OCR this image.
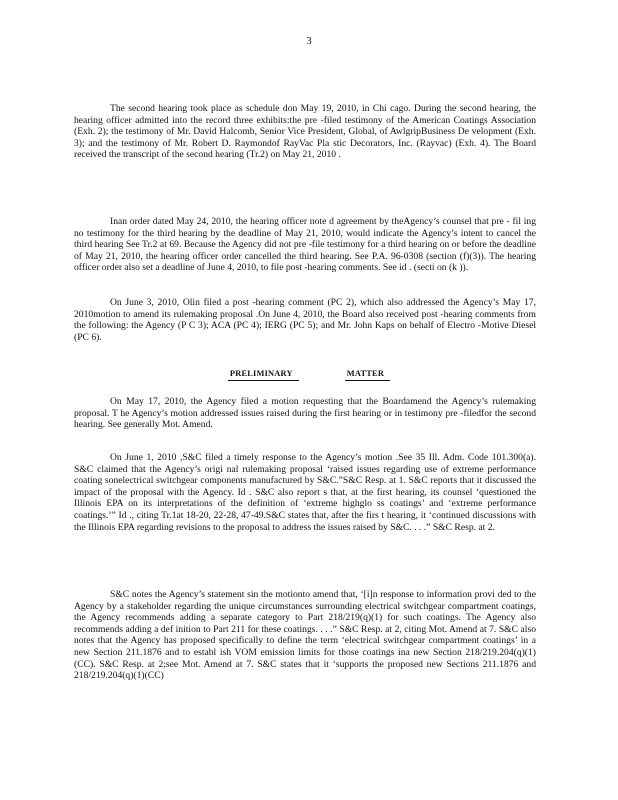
3

The second hearing took place as schedule don May 19, 2010, in Chi cago. During the second hearing, the hearing officer admitted into the record three exhibits:the pre -filed testimony of the American Coatings Association (Exh. 2); the testimony of Mr. David Halcomb, Senior Vice President, Global, of AwlgripBusiness De velopment (Exh. 3); and the testimony of Mr. Robert D. Raymondof RayVac Pla stic Decorators, Inc. (Rayvac) (Exh. 4). The Board received the transcript of the second hearing (Tr.2) on May 21, 2010 .

Inan order dated May 24, 2010, the hearing officer note d agreement by theAgency’s counsel that pre - fil ing no testimony for the third hearing by the deadline of May 21, 2010, would indicate the Agency’s intent to cancel the third hearing See Tr.2 at 69. Because the Agency did not pre -file testimony for a third hearing on or before the deadline of May 21, 2010, the hearing officer order cancelled the third hearing. See P.A. 96-0308 (section (f)(3)). The hearing officer order also set a deadline of June 4, 2010, to file post -hearing comments. See id . (secti on (k )).

On June 3, 2010, Olin filed a post -hearing comment (PC 2), which also addressed the Agency’s May 17, 2010motion to amend its rulemaking proposal .On June 4, 2010, the Board also received post -hearing comments from the following: the Agency (P C 3); ACA (PC 4); IERG (PC 5); and Mr. John Kaps on behalf of Electro -Motive Diesel (PC 6).

PRELIMINARY	MATTER

On May 17, 2010, the Agency filed a motion requesting that the Boardamend the Agency’s rulemaking proposal. T he Agency’s motion addressed issues raised during the first hearing or in testimony pre -filedfor the second hearing. See generally Mot. Amend.

On June 1, 2010 ,S&C filed a timely response to the Agency’s motion .See 35 Ill. Adm. Code 101.300(a). S&C claimed that the Agency’s origi nal rulemaking proposal ‘raised issues regarding use of extreme performance coating sonelectrical switchgear components manufactured by S&C.”S&C Resp. at 1. S&C reports that it discussed the impact of the proposal with the Agency. Id . S&C also report s that, at the first hearing, its counsel ‘questioned the Illinois EPA on its interpretations of the definition of ‘extreme highglo ss coatings’ and ‘extreme performance coatings.’” Id ., citing Tr.1at 18-20, 22-28, 47-49.S&C states that, after the firs t hearing, it ‘continued discussions with the Illinois EPA regarding revisions to the proposal to address the issues raised by S&C. . . .” S&C Resp. at 2.

S&C notes the Agency’s statement sin the motionto amend that, ‘[i]n response to information provi ded to the Agency by a stakeholder regarding the unique circumstances surrounding electrical switchgear compartment coatings, the Agency recommends adding a separate category to Part 218/219(q)(1) for such coatings. The Agency also recommends adding a def inition to Part 211 for these coatings. . . .” S&C Resp. at 2, citing Mot. Amend at 7. S&C also notes that the Agency has proposed specifically to define the term ‘electrical switchgear compartment coatings’ in a new Section 211.1876 and to establ ish VOM emission limits for those coatings ina new Section 218/219.204(q)(1)(CC). S&C Resp. at 2;see Mot. Amend at 7. S&C states that it ‘supports the proposed new Sections 211.1876 and 218/219.204(q)(1)(CC)
